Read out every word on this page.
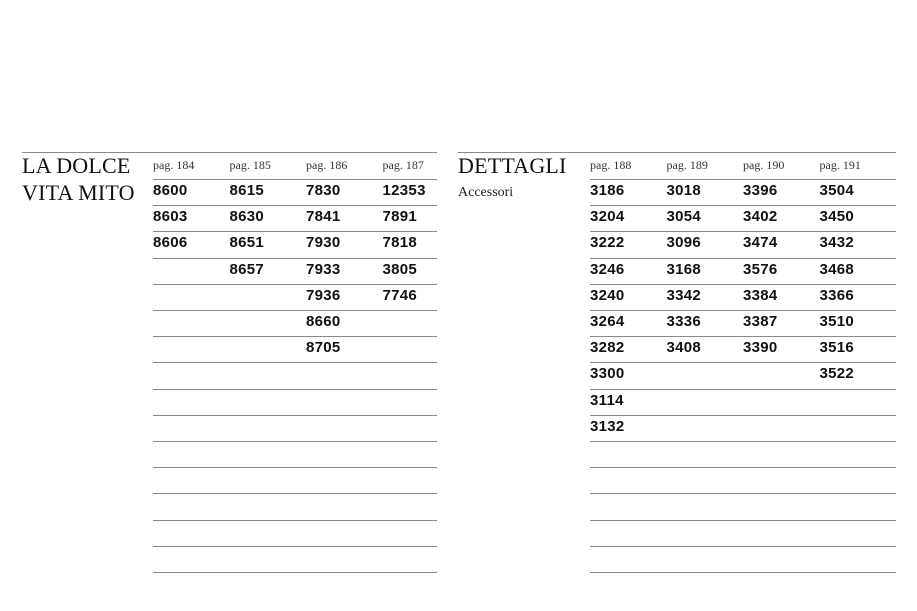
LA DOLCE
VITA MITO
pag. 184
8600
8603
8606
pag. 185
8615
8630
8651
8657
pag. 186
7830
7841
7930
7933
7936
8660
8705
pag. 187
12353
7891
7818
3805
7746
DETTAGLI
Accessori
pag. 188
3186
3204
3222
3246
3240
3264
3282
3300
3114
3132
pag. 189
3018
3054
3096
3168
3342
3336
3408
pag. 190
3396
3402
3474
3576
3384
3387
3390
pag. 191
3504
3450
3432
3468
3366
3510
3516
3522
